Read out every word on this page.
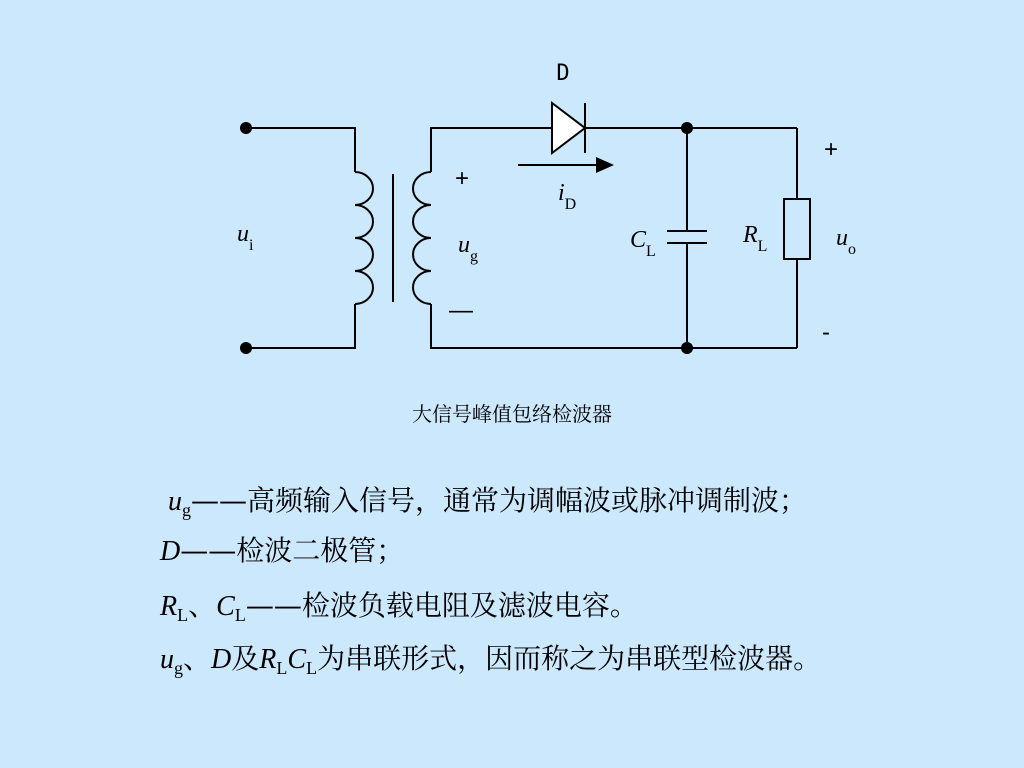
D
iD
ui
+
ug
—
CL
RL
+
uo
-
大信号峰值包络检波器
$u_g——$高频输入信号，通常为调幅波或脉冲调制波；
D——检波二极管；
$R_L$、$C_L——$检波负载电阻及滤波电容。
$u_g$、D及$R_LC_L$为串联形式，因而称之为串联型检波器。
